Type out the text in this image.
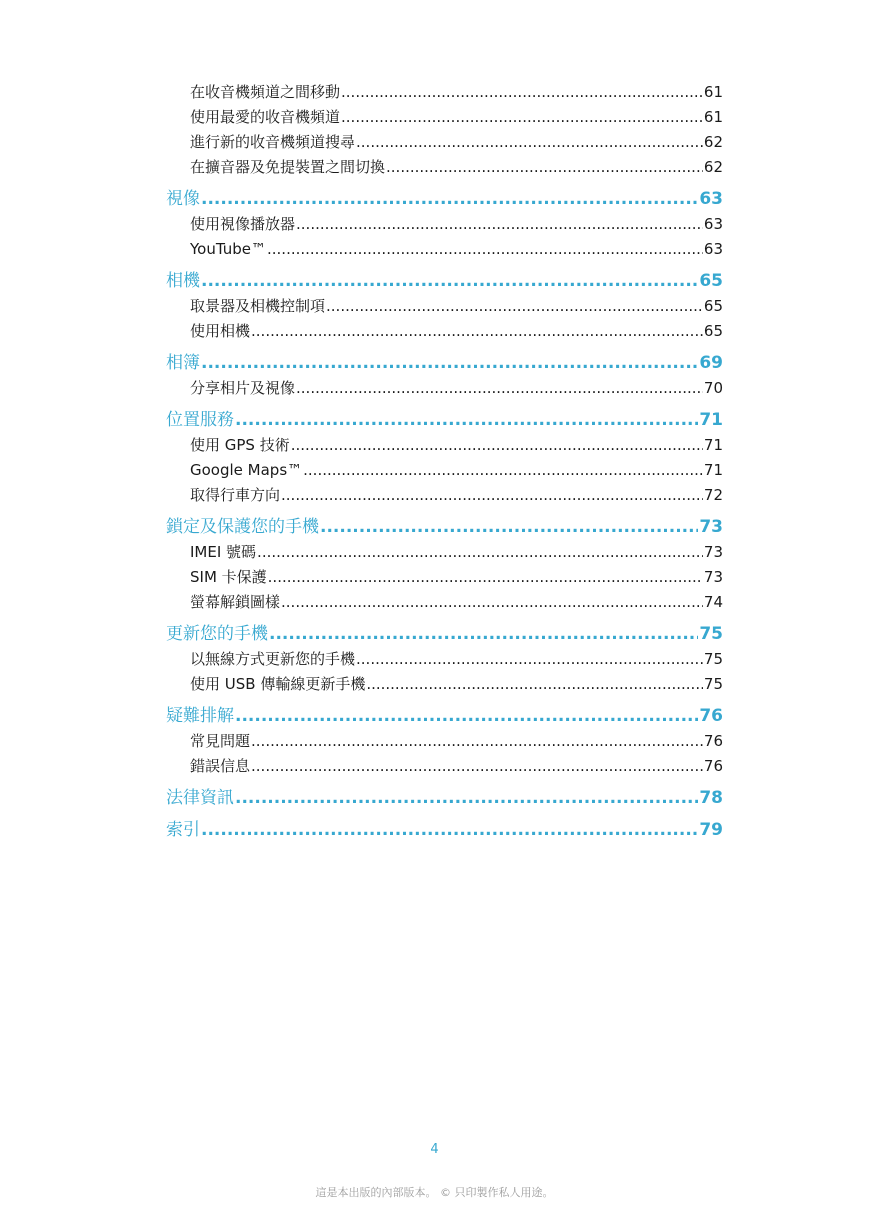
在收音機頻道之間移動 .....	61
使用最愛的收音機頻道 .....	61
進行新的收音機頻道搜尋 .....	62
在擴音器及免提裝置之間切換 .....	62
視像 .....	63
使用視像播放器 .....	63
YouTube™ .....	63
相機 .....	65
取景器及相機控制項 .....	65
使用相機 .....	65
相簿 .....	69
分享相片及視像 .....	70
位置服務 .....	71
使用 GPS 技術 .....	71
Google Maps™ .....	71
取得行車方向 .....	72
鎖定及保護您的手機 .....	73
IMEI 號碼 .....	73
SIM 卡保護 .....	73
螢幕解鎖圖樣 .....	74
更新您的手機 .....	75
以無線方式更新您的手機 .....	75
使用 USB 傳輸線更新手機 .....	75
疑難排解 .....	76
常見問題 .....	76
錯誤信息 .....	76
法律資訊 .....	78
索引 .....	79
4
這是本出版的內部版本。 © 只印製作私人用途。
